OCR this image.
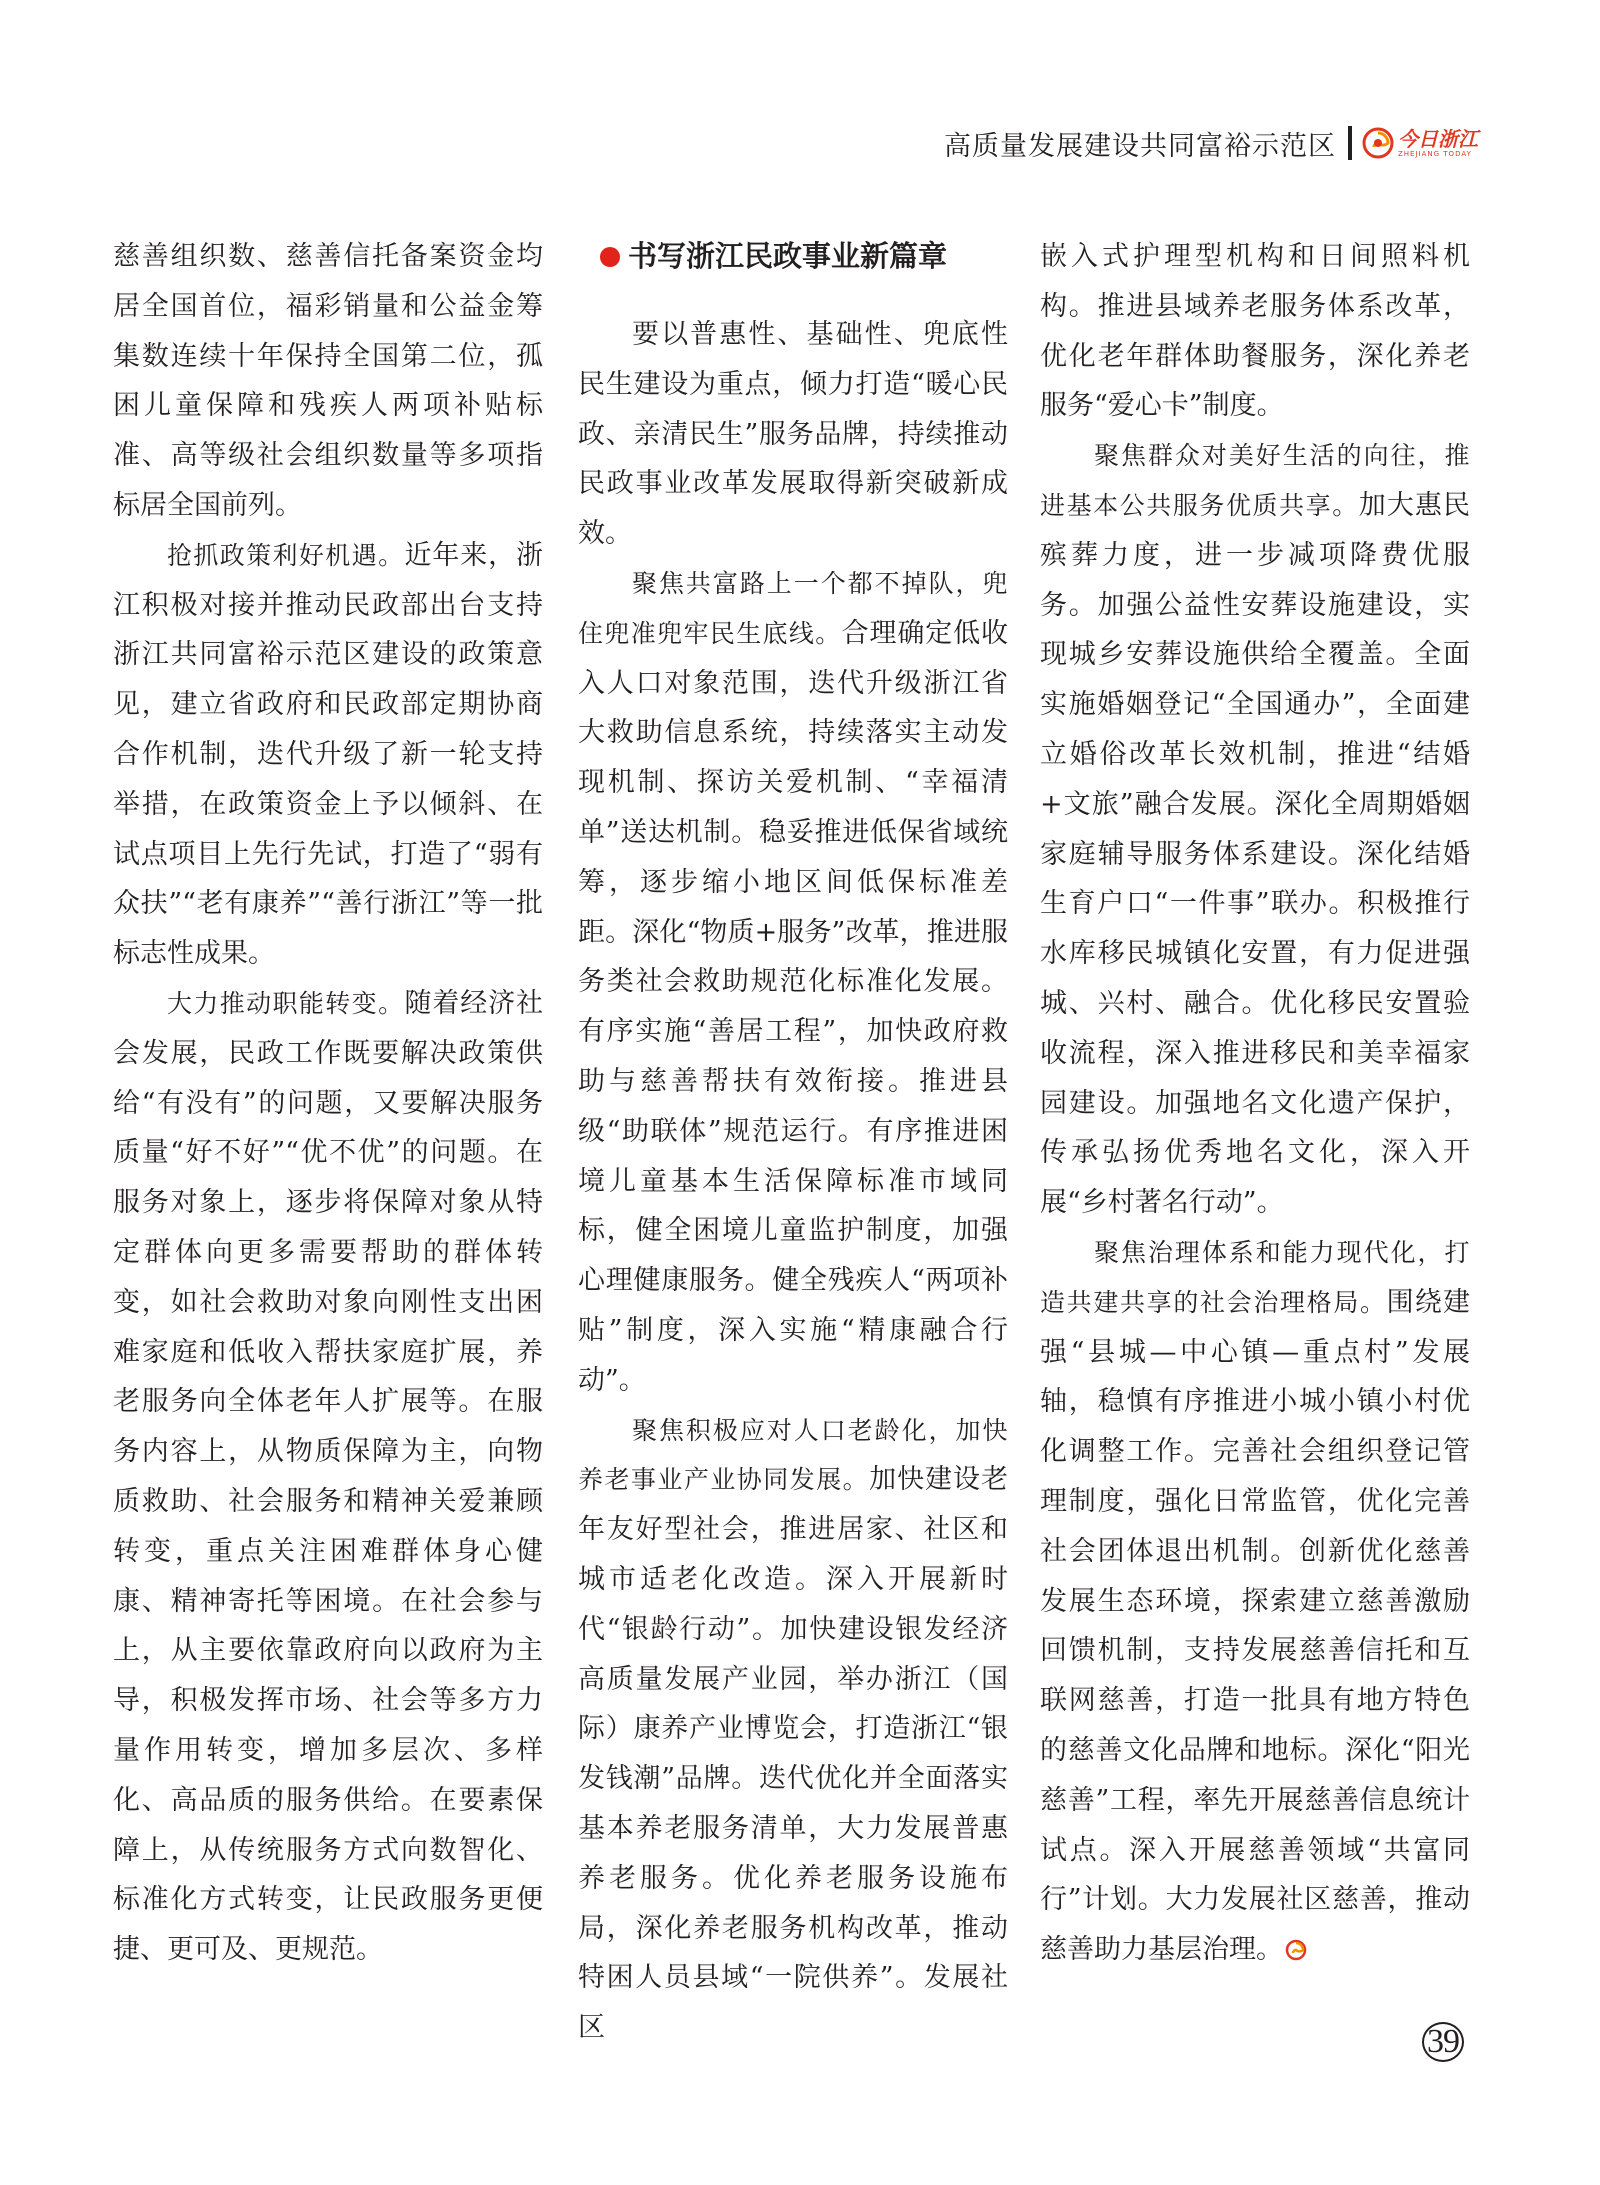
高质量发展建设共同富裕示范区	今日浙江
ZHEJIANG TODAY

慈善组织数、慈善信托备案资金均居全国首位，福彩销量和公益金筹集数连续十年保持全国第二位，孤困儿童保障和残疾人两项补贴标准、高等级社会组织数量等多项指标居全国前列。

抢抓政策利好机遇。近年来，浙江积极对接并推动民政部出台支持浙江共同富裕示范区建设的政策意见，建立省政府和民政部定期协商合作机制，迭代升级了新一轮支持举措，在政策资金上予以倾斜、在试点项目上先行先试，打造了“弱有众扶”“老有康养”“善行浙江”等一批标志性成果。

大力推动职能转变。随着经济社会发展，民政工作既要解决政策供给“有没有”的问题，又要解决服务质量“好不好”“优不优”的问题。在服务对象上，逐步将保障对象从特定群体向更多需要帮助的群体转变，如社会救助对象向刚性支出困难家庭和低收入帮扶家庭扩展，养老服务向全体老年人扩展等。在服务内容上，从物质保障为主，向物质救助、社会服务和精神关爱兼顾转变，重点关注困难群体身心健康、精神寄托等困境。在社会参与上，从主要依靠政府向以政府为主导，积极发挥市场、社会等多方力量作用转变，增加多层次、多样化、高品质的服务供给。在要素保障上，从传统服务方式向数智化、标准化方式转变，让民政服务更便捷、更可及、更规范。

书写浙江民政事业新篇章

要以普惠性、基础性、兜底性民生建设为重点，倾力打造“暖心民政、亲清民生”服务品牌，持续推动民政事业改革发展取得新突破新成效。

聚焦共富路上一个都不掉队，兜住兜准兜牢民生底线。合理确定低收入人口对象范围，迭代升级浙江省大救助信息系统，持续落实主动发现机制、探访关爱机制、“幸福清单”送达机制。稳妥推进低保省域统筹，逐步缩小地区间低保标准差距。深化“物质+服务”改革，推进服务类社会救助规范化标准化发展。有序实施“善居工程”，加快政府救助与慈善帮扶有效衔接。推进县级“助联体”规范运行。有序推进困境儿童基本生活保障标准市域同标，健全困境儿童监护制度，加强心理健康服务。健全残疾人“两项补贴”制度，深入实施“精康融合行动”。

聚焦积极应对人口老龄化，加快养老事业产业协同发展。加快建设老年友好型社会，推进居家、社区和城市适老化改造。深入开展新时代“银龄行动”。加快建设银发经济高质量发展产业园，举办浙江（国际）康养产业博览会，打造浙江“银发钱潮”品牌。迭代优化并全面落实基本养老服务清单，大力发展普惠养老服务。优化养老服务设施布局，深化养老服务机构改革，推动特困人员县域“一院供养”。发展社区

嵌入式护理型机构和日间照料机构。推进县域养老服务体系改革，优化老年群体助餐服务，深化养老服务“爱心卡”制度。

聚焦群众对美好生活的向往，推进基本公共服务优质共享。加大惠民殡葬力度，进一步减项降费优服务。加强公益性安葬设施建设，实现城乡安葬设施供给全覆盖。全面实施婚姻登记“全国通办”，全面建立婚俗改革长效机制，推进“结婚+文旅”融合发展。深化全周期婚姻家庭辅导服务体系建设。深化结婚生育户口“一件事”联办。积极推行水库移民城镇化安置，有力促进强城、兴村、融合。优化移民安置验收流程，深入推进移民和美幸福家园建设。加强地名文化遗产保护，传承弘扬优秀地名文化，深入开展“乡村著名行动”。

聚焦治理体系和能力现代化，打造共建共享的社会治理格局。围绕建强“县城—中心镇—重点村”发展轴，稳慎有序推进小城小镇小村优化调整工作。完善社会组织登记管理制度，强化日常监管，优化完善社会团体退出机制。创新优化慈善发展生态环境，探索建立慈善激励回馈机制，支持发展慈善信托和互联网慈善，打造一批具有地方特色的慈善文化品牌和地标。深化“阳光慈善”工程，率先开展慈善信息统计试点。深入开展慈善领域“共富同行”计划。大力发展社区慈善，推动慈善助力基层治理。

39
